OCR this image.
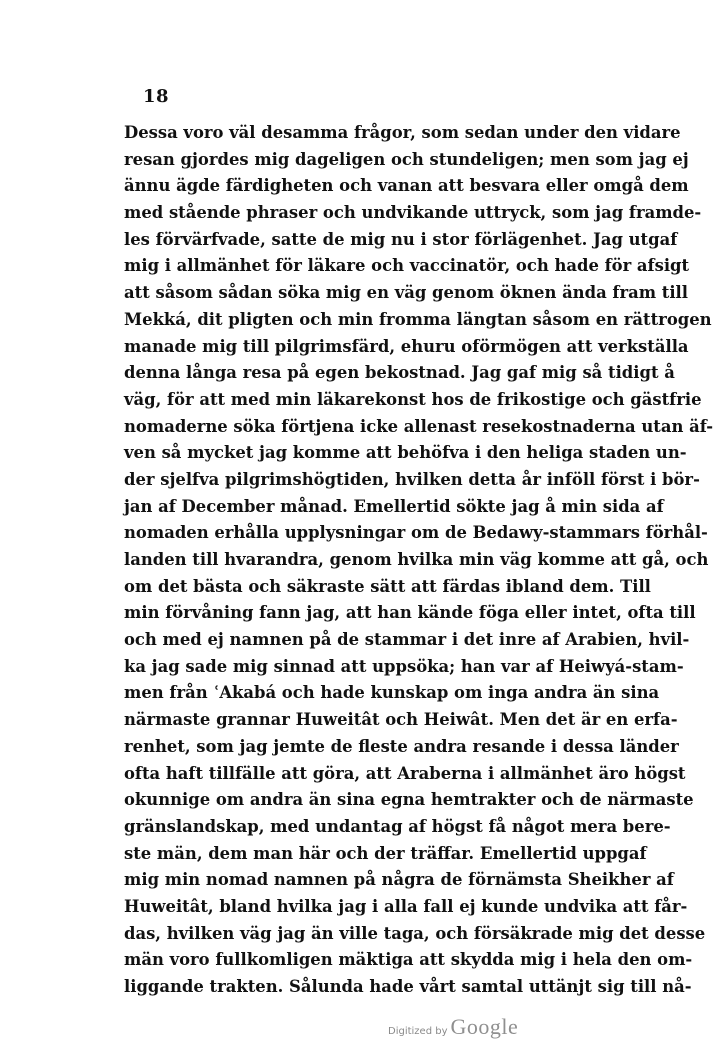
18
Dessa voro väl desamma frågor, som sedan under den vidare
resan gjordes mig dageligen och stundeligen; men som jag ej
ännu ägde färdigheten och vanan att besvara eller omgå dem
med stående phraser och undvikande uttryck, som jag framde-
les förvärfvade, satte de mig nu i stor förlägenhet. Jag utgaf
mig i allmänhet för läkare och vaccinatör, och hade för afsigt
att såsom sådan söka mig en väg genom öknen ända fram till
Mekká, dit pligten och min fromma längtan såsom en rättrogen
manade mig till pilgrimsfärd, ehuru oförmögen att verkställa
denna långa resa på egen bekostnad. Jag gaf mig så tidigt å
väg, för att med min läkarekonst hos de frikostige och gästfrie
nomaderne söka förtjena icke allenast resekostnaderna utan äf-
ven så mycket jag komme att behöfva i den heliga staden un-
der sjelfva pilgrimshögtiden, hvilken detta år inföll först i bör-
jan af December månad. Emellertid sökte jag å min sida af
nomaden erhålla upplysningar om de Bedawy-stammars förhål-
landen till hvarandra, genom hvilka min väg komme att gå, och
om det bästa och säkraste sätt att färdas ibland dem. Till
min förvåning fann jag, att han kände föga eller intet, ofta till
och med ej namnen på de stammar i det inre af Arabien, hvil-
ka jag sade mig sinnad att uppsöka; han var af Heiwyá-stam-
men från ʿAkabá och hade kunskap om inga andra än sina
närmaste grannar Huweitât och Heiwât. Men det är en erfa-
renhet, som jag jemte de fleste andra resande i dessa länder
ofta haft tillfälle att göra, att Araberna i allmänhet äro högst
okunnige om andra än sina egna hemtrakter och de närmaste
gränslandskap, med undantag af högst få något mera bere-
ste män, dem man här och der träffar. Emellertid uppgaf
mig min nomad namnen på några de förnämsta Sheikher af
Huweitât, bland hvilka jag i alla fall ej kunde undvika att får-
das, hvilken väg jag än ville taga, och försäkrade mig det desse
män voro fullkomligen mäktiga att skydda mig i hela den om-
liggande trakten. Sålunda hade vårt samtal uttänjt sig till nå-
Digitized by Google
